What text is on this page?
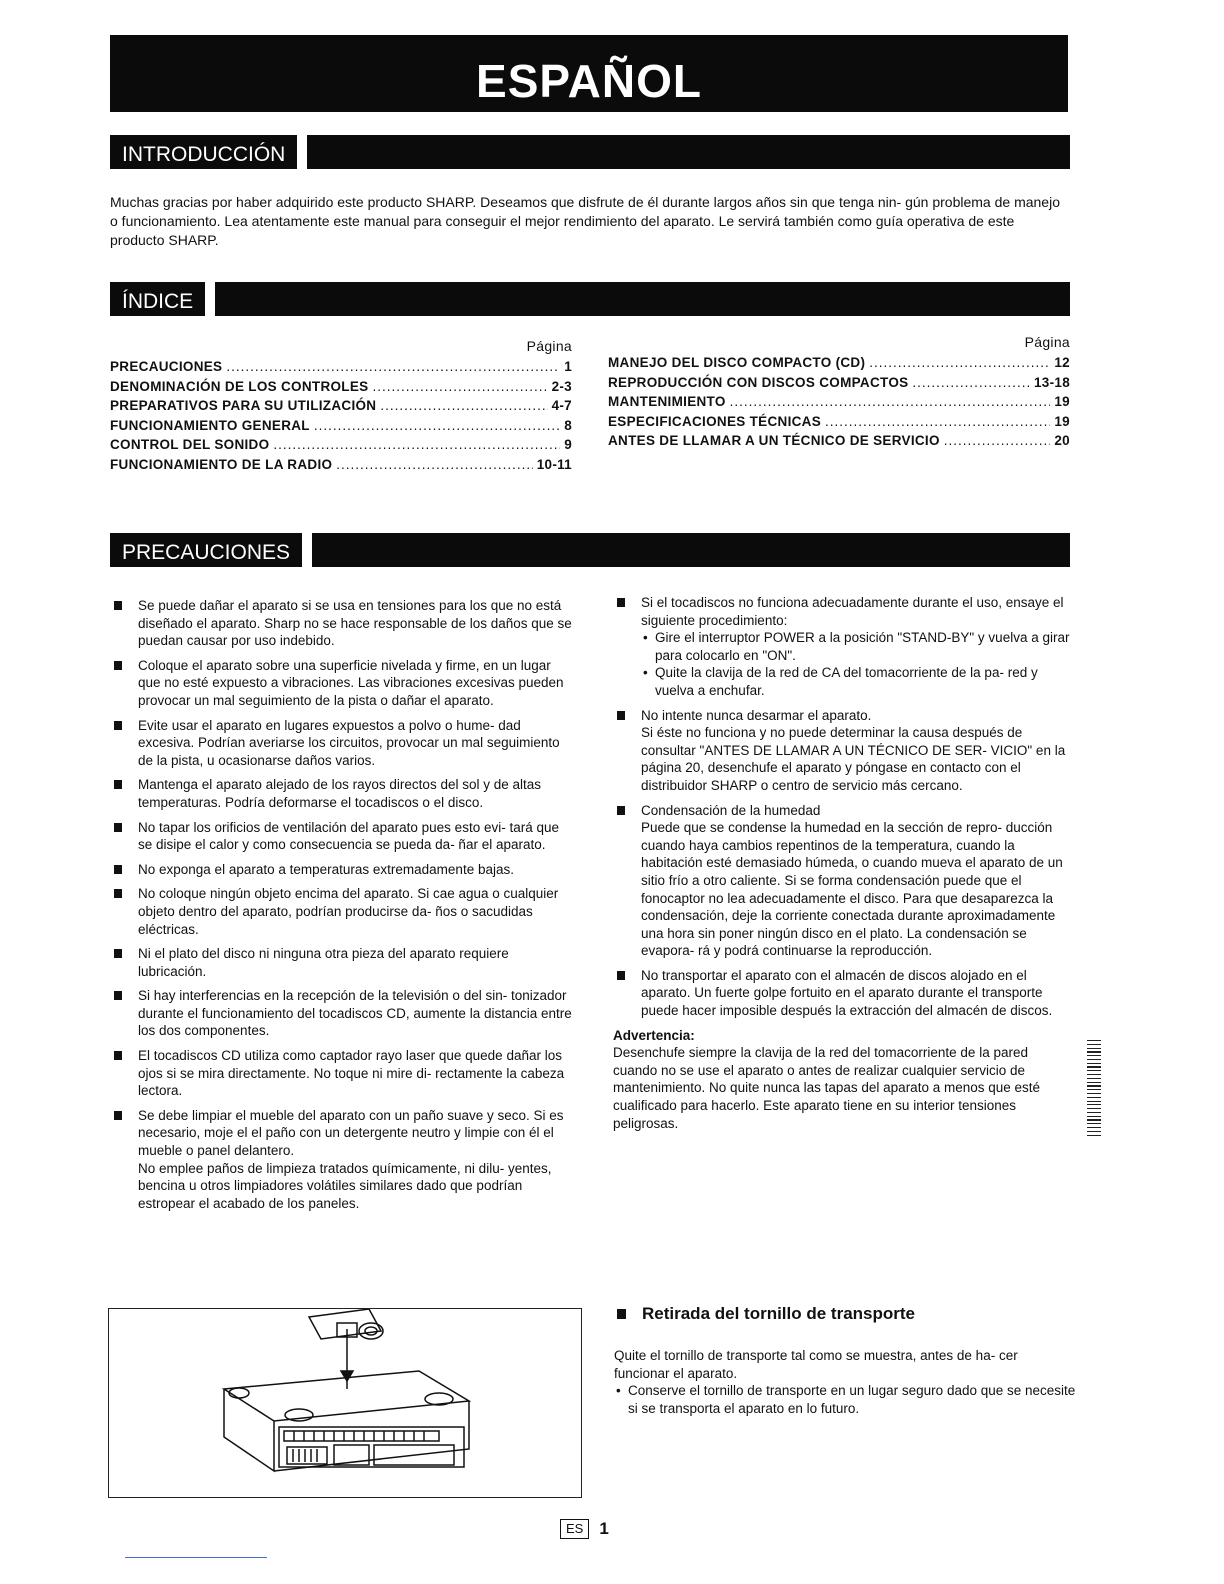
ESPAÑOL
INTRODUCCIÓN

Muchas gracias por haber adquirido este producto SHARP. Deseamos que disfrute de él durante largos años sin que tenga nin- gún problema de manejo o funcionamiento. Lea atentamente este manual para conseguir el mejor rendimiento del aparato. Le servirá también como guía operativa de este producto SHARP.

ÍNDICE
Página
PRECAUCIONES .....	1
DENOMINACIÓN DE LOS CONTROLES .....	2-3
PREPARATIVOS PARA SU UTILIZACIÓN .....	4-7
FUNCIONAMIENTO GENERAL .....	8
CONTROL DEL SONIDO .....	9
FUNCIONAMIENTO DE LA RADIO .....	10-11
Página
MANEJO DEL DISCO COMPACTO (CD) .....	12
REPRODUCCIÓN CON DISCOS COMPACTOS .....	13-18
MANTENIMIENTO .....	19
ESPECIFICACIONES TÉCNICAS .....	19
ANTES DE LLAMAR A UN TÉCNICO DE SERVICIO .....	20
PRECAUCIONES
Se puede dañar el aparato si se usa en tensiones para los que no está diseñado el aparato. Sharp no se hace responsable de los daños que se puedan causar por uso indebido.
Coloque el aparato sobre una superficie nivelada y firme, en un lugar que no esté expuesto a vibraciones. Las vibraciones excesivas pueden provocar un mal seguimiento de la pista o dañar el aparato.
Evite usar el aparato en lugares expuestos a polvo o hume- dad excesiva. Podrían averiarse los circuitos, provocar un mal seguimiento de la pista, u ocasionarse daños varios.
Mantenga el aparato alejado de los rayos directos del sol y de altas temperaturas. Podría deformarse el tocadiscos o el disco.
No tapar los orificios de ventilación del aparato pues esto evi- tará que se disipe el calor y como consecuencia se pueda da- ñar el aparato.
No exponga el aparato a temperaturas extremadamente bajas.
No coloque ningún objeto encima del aparato. Si cae agua o cualquier objeto dentro del aparato, podrían producirse da- ños o sacudidas eléctricas.
Ni el plato del disco ni ninguna otra pieza del aparato requiere lubricación.
Si hay interferencias en la recepción de la televisión o del sin- tonizador durante el funcionamiento del tocadiscos CD, aumente la distancia entre los dos componentes.
El tocadiscos CD utiliza como captador rayo laser que quede dañar los ojos si se mira directamente. No toque ni mire di- rectamente la cabeza lectora.
Se debe limpiar el mueble del aparato con un paño suave y seco. Si es necesario, moje el el paño con un detergente neutro y limpie con él el mueble o panel delantero.
No emplee paños de limpieza tratados químicamente, ni dilu- yentes, bencina u otros limpiadores volátiles similares dado que podrían estropear el acabado de los paneles.
Si el tocadiscos no funciona adecuadamente durante el uso, ensaye el siguiente procedimiento:
• Gire el interruptor POWER a la posición "STAND-BY" y vuelva a girar para colocarlo en "ON".
• Quite la clavija de la red de CA del tomacorriente de la pa- red y vuelva a enchufar.
No intente nunca desarmar el aparato.
Si éste no funciona y no puede determinar la causa después de consultar "ANTES DE LLAMAR A UN TÉCNICO DE SER- VICIO" en la página 20, desenchufe el aparato y póngase en contacto con el distribuidor SHARP o centro de servicio más cercano.
Condensación de la humedad
Puede que se condense la humedad en la sección de repro- ducción cuando haya cambios repentinos de la temperatura, cuando la habitación esté demasiado húmeda, o cuando mueva el aparato de un sitio frío a otro caliente. Si se forma condensación puede que el fonocaptor no lea adecuadamente el disco. Para que desaparezca la condensación, deje la corriente conectada durante aproximadamente una hora sin poner ningún disco en el plato. La condensación se evapora- rá y podrá continuarse la reproducción.
No transportar el aparato con el almacén de discos alojado en el aparato. Un fuerte golpe fortuito en el aparato durante el transporte puede hacer imposible después la extracción del almacén de discos.
Advertencia:
Desenchufe siempre la clavija de la red del tomacorriente de la pared cuando no se use el aparato o antes de realizar cualquier servicio de mantenimiento. No quite nunca las tapas del aparato a menos que esté cualificado para hacerlo. Este aparato tiene en su interior tensiones peligrosas.
Retirada del tornillo de transporte
Quite el tornillo de transporte tal como se muestra, antes de ha- cer funcionar el aparato.
• Conserve el tornillo de transporte en un lugar seguro dado que se necesite si se transporta el aparato en lo futuro.
ES 1
